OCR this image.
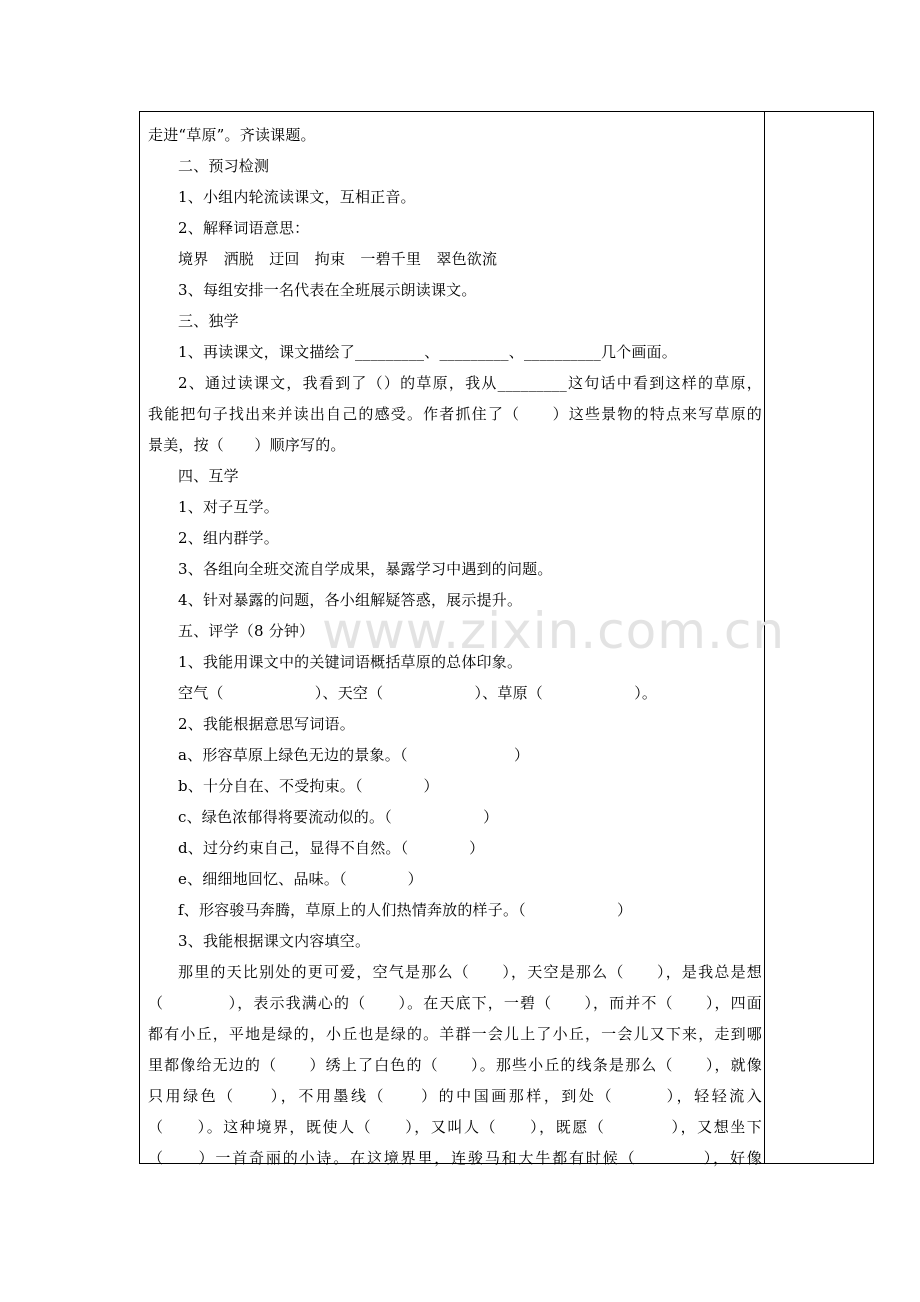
走进“草原”。齐读课题。
二、预习检测
1、小组内轮流读课文，互相正音。
2、解释词语意思：
境界　洒脱　迂回　拘束　一碧千里　翠色欲流
3、每组安排一名代表在全班展示朗读课文。
三、独学
1、再读课文，课文描绘了_________、_________、__________几个画面。
2、通过读课文，我看到了（）的草原，我从_________这句话中看到这样的草原，
我能把句子找出来并读出自己的感受。作者抓住了（　　）这些景物的特点来写草原的
景美，按（　　）顺序写的。
四、互学
1、对子互学。
2、组内群学。
3、各组向全班交流自学成果，暴露学习中遇到的问题。
4、针对暴露的问题，各小组解疑答惑，展示提升。
五、评学（8 分钟）
1、我能用课文中的关键词语概括草原的总体印象。
空气（　　　　　　）、天空（　　　　　　）、草原（　　　　　　）。
2、我能根据意思写词语。
a、形容草原上绿色无边的景象。（　　　　　　　）
b、十分自在、不受拘束。（　　　　）
c、绿色浓郁得将要流动似的。（　　　　　　）
d、过分约束自己，显得不自然。（　　　　）
e、细细地回忆、品味。（　　　　）
f、形容骏马奔腾，草原上的人们热情奔放的样子。（　　　　　　）
3、我能根据课文内容填空。
那里的天比别处的更可爱，空气是那么（　　），天空是那么（　　），是我总是想
（　　　　），表示我满心的（　　）。在天底下，一碧（　　），而并不（　　），四面
都有小丘，平地是绿的，小丘也是绿的。羊群一会儿上了小丘，一会儿又下来，走到哪
里都像给无边的（　　）绣上了白色的（　　）。那些小丘的线条是那么（　　），就像
只用绿色（　　），不用墨线（　　）的中国画那样，到处（　　　），轻轻流入
（　　）。这种境界，既使人（　　），又叫人（　　），既愿（　　　　），又想坐下
（　　）一首奇丽的小诗。在这境界里，连骏马和大牛都有时候（　　　　），好像
www.zixin.com.cn
